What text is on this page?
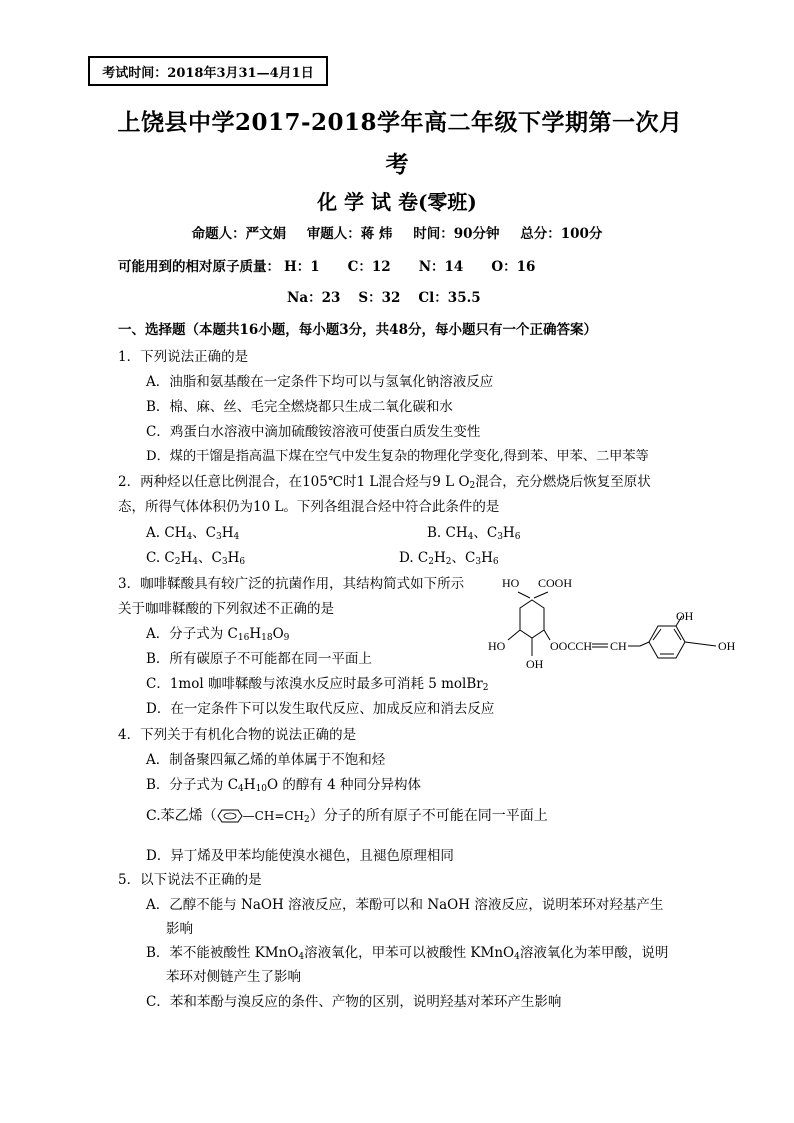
考试时间：2018年3月31—4月1日
上饶县中学2017-2018学年高二年级下学期第一次月
考
化 学 试 卷(零班)
命题人：严文娟 审题人：蒋 炜 时间：90分钟 总分：100分
可能用到的相对原子质量： H：1 C：12 N：14 O：16
Na：23 S：32 Cl：35.5
一、选择题（本题共16小题，每小题3分，共48分，每小题只有一个正确答案）
1．下列说法正确的是
A．油脂和氨基酸在一定条件下均可以与氢氧化钠溶液反应
B．棉、麻、丝、毛完全燃烧都只生成二氧化碳和水
C．鸡蛋白水溶液中滴加硫酸铵溶液可使蛋白质发生变性
D．煤的干馏是指高温下煤在空气中发生复杂的物理化学变化,得到苯、甲苯、二甲苯等
2．两种烃以任意比例混合，在105℃时1 L混合烃与9 L $O_2$混合，充分燃烧后恢复至原状
态，所得气体体积仍为10 L。下列各组混合烃中符合此条件的是
A. $CH_4$、$C_3H_4$	B. $CH_4$、$C_3H_6$
C. $C_2H_4$、$C_3H_6$	D. $C_2H_2$、$C_3H_6$
3．咖啡鞣酸具有较广泛的抗菌作用，其结构简式如下所示
关于咖啡鞣酸的下列叙述不正确的是
A．分子式为 $C_{16}H_{18}O_9$
B．所有碳原子不可能都在同一平面上
C．1mol 咖啡鞣酸与浓溴水反应时最多可消耗 5 molBr$_2$
D．在一定条件下可以发生取代反应、加成反应和消去反应
HO COOH
OH
HO	OOCCH CH	OH
OH
4．下列关于有机化合物的说法正确的是
A．制备聚四氟乙烯的单体属于不饱和烃
B．分子式为 $C_4H_{10}O$ 的醇有 4 种同分异构体
C.苯乙烯（ $—CH=CH_2$）分子的所有原子不可能在同一平面上
D．异丁烯及甲苯均能使溴水褪色，且褪色原理相同
5．以下说法不正确的是
A．乙醇不能与 NaOH 溶液反应，苯酚可以和 NaOH 溶液反应，说明苯环对羟基产生
影响
B．苯不能被酸性 KMnO$_4$溶液氧化，甲苯可以被酸性 KMnO$_4$溶液氧化为苯甲酸，说明
苯环对侧链产生了影响
C．苯和苯酚与溴反应的条件、产物的区别，说明羟基对苯环产生影响
